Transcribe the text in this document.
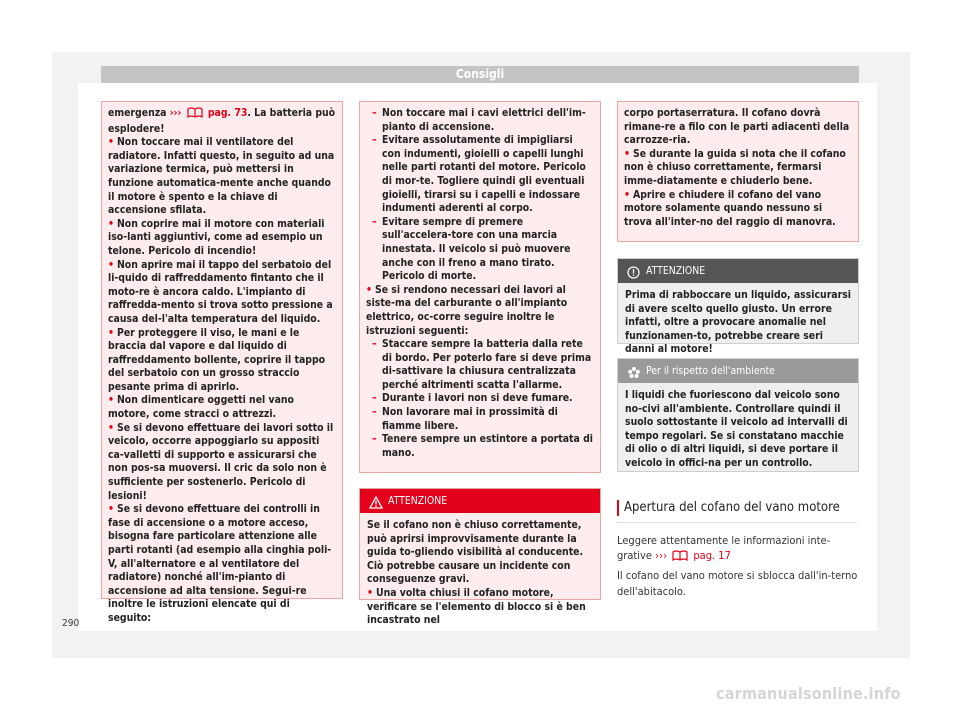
Consigli

emergenza ›››	pag. 73. La batteria può esplodere!

• Non toccare mai il ventilatore del radiatore. Infatti questo, in seguito ad una variazione termica, può mettersi in funzione automatica-mente anche quando il motore è spento e la chiave di accensione sfilata.
• Non coprire mai il motore con materiali iso-lanti aggiuntivi, come ad esempio un telone. Pericolo di incendio!
• Non aprire mai il tappo del serbatoio del li-quido di raffreddamento fintanto che il moto-re è ancora caldo. L'impianto di raffredda-mento si trova sotto pressione a causa del-l'alta temperatura del liquido.
• Per proteggere il viso, le mani e le braccia dal vapore e dal liquido di raffreddamento bollente, coprire il tappo del serbatoio con un grosso straccio pesante prima di aprirlo.
• Non dimenticare oggetti nel vano motore, come stracci o attrezzi.
• Se si devono effettuare dei lavori sotto il veicolo, occorre appoggiarlo su appositi ca-valletti di supporto e assicurarsi che non pos-sa muoversi. Il cric da solo non è sufficiente per sostenerlo. Pericolo di lesioni!
• Se si devono effettuare dei controlli in fase di accensione o a motore acceso, bisogna fare particolare attenzione alle parti rotanti (ad esempio alla cinghia poli-V, all'alternatore e al ventilatore del radiatore) nonché all'im-pianto di accensione ad alta tensione. Segui-re inoltre le istruzioni elencate qui di seguito:
– Non toccare mai i cavi elettrici dell'im-pianto di accensione.
– Evitare assolutamente di impigliarsi con indumenti, gioielli o capelli lunghi nelle parti rotanti del motore. Pericolo di mor-te. Togliere quindi gli eventuali gioielli, tirarsi su i capelli e indossare indumenti aderenti al corpo.
– Evitare sempre di premere sull'accelera-tore con una marcia innestata. Il veicolo si può muovere anche con il freno a mano tirato. Pericolo di morte.
• Se si rendono necessari dei lavori al siste-ma del carburante o all'impianto elettrico, oc-corre seguire inoltre le istruzioni seguenti:
– Staccare sempre la batteria dalla rete di bordo. Per poterlo fare si deve prima di-sattivare la chiusura centralizzata perché altrimenti scatta l'allarme.
– Durante i lavori non si deve fumare.
– Non lavorare mai in prossimità di fiamme libere.
– Tenere sempre un estintore a portata di mano.
ATTENZIONE

Se il cofano non è chiuso correttamente, può aprirsi improvvisamente durante la guida to-gliendo visibilità al conducente. Ciò potrebbe causare un incidente con conseguenze gravi.

• Una volta chiusi il cofano motore, verificare se l'elemento di blocco si è ben incastrato nel

corpo portaserratura. Il cofano dovrà rimane-re a filo con le parti adiacenti della carrozze-ria.

• Se durante la guida si nota che il cofano non è chiuso correttamente, fermarsi imme-diatamente e chiuderlo bene.
• Aprire e chiudere il cofano del vano motore solamente quando nessuno si trova all'inter-no del raggio di manovra.
ATTENZIONE

Prima di rabboccare un liquido, assicurarsi di avere scelto quello giusto. Un errore infatti, oltre a provocare anomalie nel funzionamen-to, potrebbe creare seri danni al motore!

Per il rispetto dell'ambiente

I liquidi che fuoriescono dal veicolo sono no-civi all'ambiente. Controllare quindi il suolo sottostante il veicolo ad intervalli di tempo regolari. Se si constatano macchie di olio o di altri liquidi, si deve portare il veicolo in offici-na per un controllo.

Apertura del cofano del vano motore

Leggere attentamente le informazioni inte-grative ››› pag. 17

Il cofano del vano motore si sblocca dall'in-terno dell'abitacolo.

290
carmanualsonline.info
